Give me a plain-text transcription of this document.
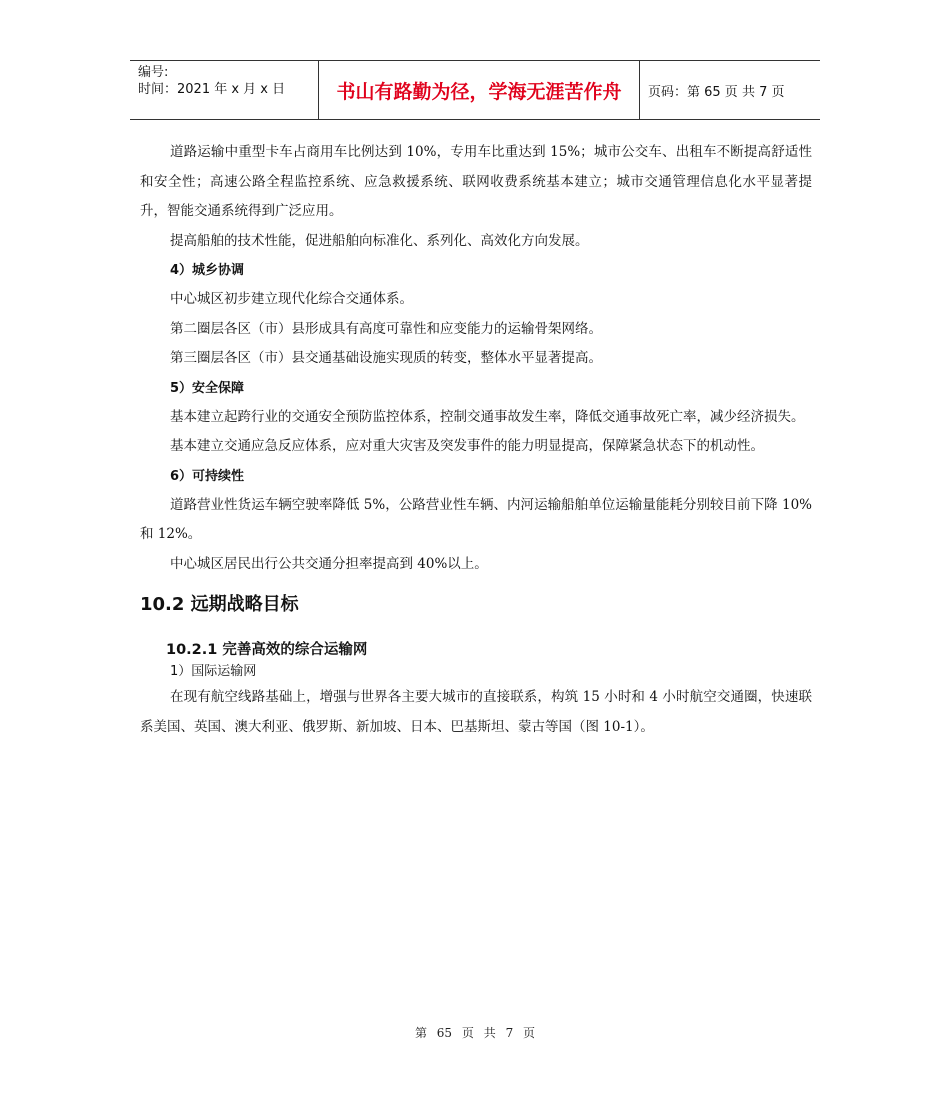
编号:
时间：2021 年 x 月 x 日	书山有路勤为径，学海无涯苦作舟	页码：第 65 页 共 7 页

道路运输中重型卡车占商用车比例达到 10%，专用车比重达到 15%；城市公交车、出租车不断提高舒适性和安全性；高速公路全程监控系统、应急救援系统、联网收费系统基本建立；城市交通管理信息化水平显著提升，智能交通系统得到广泛应用。

提高船舶的技术性能，促进船舶向标准化、系列化、高效化方向发展。

4）城乡协调

中心城区初步建立现代化综合交通体系。

第二圈层各区（市）县形成具有高度可靠性和应变能力的运输骨架网络。

第三圈层各区（市）县交通基础设施实现质的转变，整体水平显著提高。

5）安全保障

基本建立起跨行业的交通安全预防监控体系，控制交通事故发生率，降低交通事故死亡率，减少经济损失。

基本建立交通应急反应体系，应对重大灾害及突发事件的能力明显提高，保障紧急状态下的机动性。

6）可持续性

道路营业性货运车辆空驶率降低 5%，公路营业性车辆、内河运输船舶单位运输量能耗分别较目前下降 10%和 12%。

中心城区居民出行公共交通分担率提高到 40%以上。

10.2 远期战略目标
10.2.1 完善高效的综合运输网
1）国际运输网

在现有航空线路基础上，增强与世界各主要大城市的直接联系，构筑 15 小时和 4 小时航空交通圈，快速联系美国、英国、澳大利亚、俄罗斯、新加坡、日本、巴基斯坦、蒙古等国（图 10-1）。

第 65 页 共 7 页
